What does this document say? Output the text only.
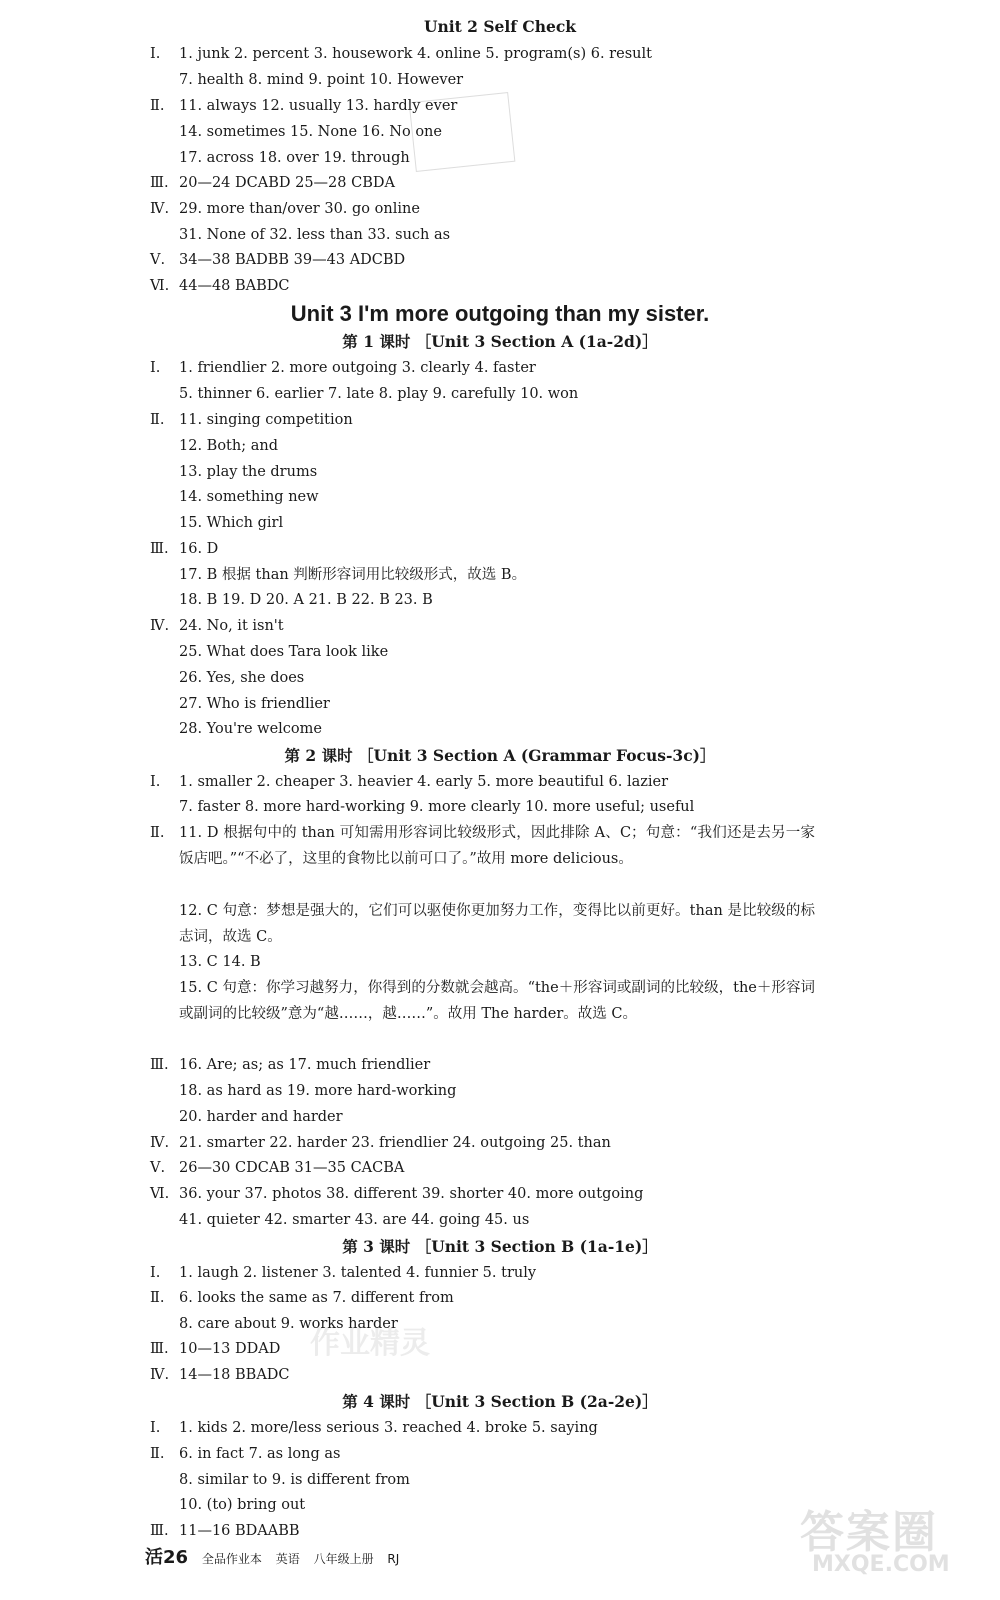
Unit 2 Self Check
Ⅰ.	1. junk 2. percent 3. housework 4. online 5. program(s) 6. result
7. health 8. mind 9. point 10. However
Ⅱ.	11. always 12. usually 13. hardly ever
14. sometimes 15. None 16. No one
17. across 18. over 19. through
Ⅲ. 20—24 DCABD 25—28 CBDA
Ⅳ. 29. more than/over 30. go online
31. None of 32. less than 33. such as
Ⅴ. 34—38 BADBB 39—43 ADCBD
Ⅵ. 44—48 BABDC
Unit 3 I'm more outgoing than my sister.
第 1 课时 ［Unit 3 Section A (1a-2d)］
Ⅰ.	1. friendlier 2. more outgoing 3. clearly 4. faster
5. thinner 6. earlier 7. late 8. play 9. carefully 10. won
Ⅱ.	11. singing competition
12. Both; and
13. play the drums
14. something new
15. Which girl
Ⅲ. 16. D
17. B 根据 than 判断形容词用比较级形式，故选 B。
18. B 19. D 20. A 21. B 22. B 23. B
Ⅳ. 24. No, it isn't
25. What does Tara look like
26. Yes, she does
27. Who is friendlier
28. You're welcome
第 2 课时 ［Unit 3 Section A (Grammar Focus-3c)］
Ⅰ.	1. smaller 2. cheaper 3. heavier 4. early 5. more beautiful 6. lazier
7. faster 8. more hard-working 9. more clearly 10. more useful; useful
Ⅱ.	11. D 根据句中的 than 可知需用形容词比较级形式，因此排除 A、C；句意：“我们还是去另一家饭店吧。”“不必了，这里的食物比以前可口了。”故用 more delicious。
12. C 句意：梦想是强大的，它们可以驱使你更加努力工作，变得比以前更好。than 是比较级的标志词，故选 C。
13. C 14. B
15. C 句意：你学习越努力，你得到的分数就会越高。“the＋形容词或副词的比较级，the＋形容词或副词的比较级”意为“越……，越……”。故用 The harder。故选 C。
Ⅲ. 16. Are; as; as 17. much friendlier
18. as hard as 19. more hard-working
20. harder and harder
Ⅳ. 21. smarter 22. harder 23. friendlier 24. outgoing 25. than
Ⅴ. 26—30 CDCAB 31—35 CACBA
Ⅵ. 36. your 37. photos 38. different 39. shorter 40. more outgoing
41. quieter 42. smarter 43. are 44. going 45. us
第 3 课时 ［Unit 3 Section B (1a-1e)］
Ⅰ.	1. laugh 2. listener 3. talented 4. funnier 5. truly
Ⅱ.	6. looks the same as 7. different from
8. care about 9. works harder
Ⅲ. 10—13 DDAD
Ⅳ. 14—18 BBADC
第 4 课时 ［Unit 3 Section B (2a-2e)］
Ⅰ.	1. kids 2. more/less serious 3. reached 4. broke 5. saying
Ⅱ.	6. in fact 7. as long as
8. similar to 9. is different from
10. (to) bring out
Ⅲ. 11—16 BDAABB
活26 全品作业本 英语 八年级上册 RJ
答案圈
MXQE.COM
作业精灵
